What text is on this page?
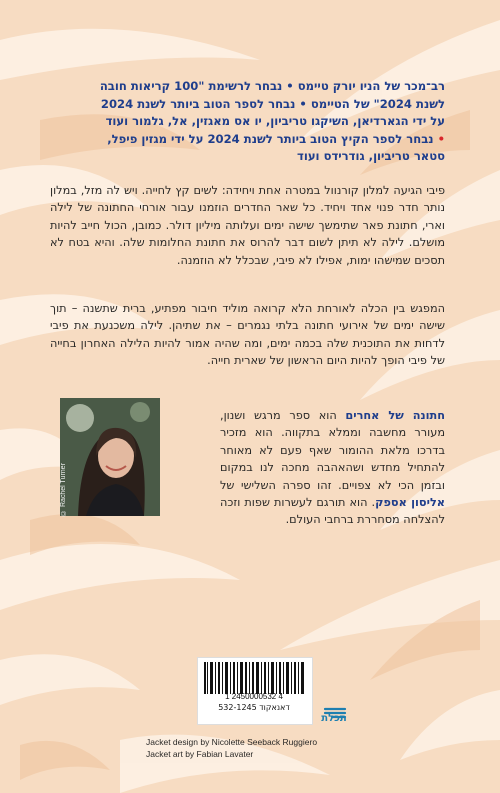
רב־מכר של הניו יורק טיימס • נבחר לרשימת "100 קריאות חובה
לשנת 2024" של הטיימס • נבחר לספר הטוב ביותר לשנת 2024
על ידי הגארדיאן, השיקגו טריביון, יו אס מאגזין, אל, גלמור ועוד
• נבחר לספר הקיץ הטוב ביותר לשנת 2024 על ידי מגזין פיפל,
סטאר טריביון, גודרידס ועוד
פיבי הגיעה למלון קורנוול במטרה אחת ויחידה: לשים קץ לחייה. ויש לה מזל, במלון נותר חדר פנוי אחד ויחיד. כל שאר החדרים הוזמנו עבור אורחי החתונה של לילה וארי, חתונת פאר שתימשך שישה ימים ועלותה מיליון דולר. כמובן, הכול חייב להיות מושלם. לילה לא תיתן לשום דבר להרוס את חתונת החלומות שלה. והיא בטח לא תסכים שמישהו ימות, אפילו לא פיבי, שבכלל לא הוזמנה.
המפגש בין הכלה לאורחת הלא קרואה מוליד חיבור מפתיע, ברית שתשנה – תוך שישה ימים של אירועי חתונה בלתי נגמרים – את שתיהן. לילה משכנעת את פיבי לדחות את התוכנית שלה בכמה ימים, ומה שהיה אמור להיות הלילה האחרון בחייה של פיבי הופך להיות היום הראשון של שארית חייה.
חתונה של אחרים הוא ספר מרגש ושנון, מעורר מחשבה וממלא בתקווה. הוא מזכיר בדרכו מלאת ההומור שאף פעם לא מאוחר להתחיל מחדש ושהאהבה מחכה לנו במקום ובזמן הכי לא צפויים. זהו ספרה השלישי של אליסון אספק. הוא תורגם לעשרות שפות וזכה להצלחה מסחררת ברחבי העולם.
© Rachel Turner
1 2450000532 4
דאנאקוד 532-1245
תכלת
Jacket design by Nicolette Seeback Ruggiero
Jacket art by Fabian Lavater
